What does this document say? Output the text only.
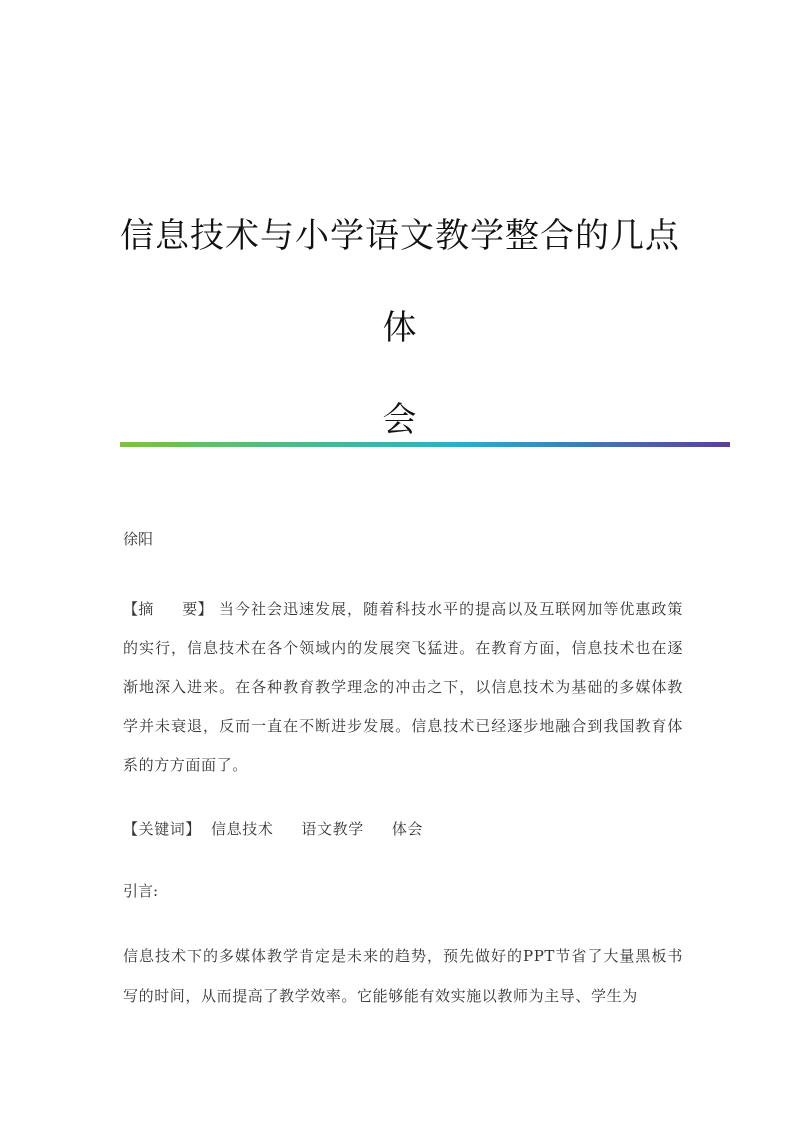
信息技术与小学语文教学整合的几点体
会
徐阳
【摘 要】 当今社会迅速发展，随着科技水平的提高以及互联网加等优惠政策的实行，信息技术在各个领域内的发展突飞猛进。在教育方面，信息技术也在逐渐地深入进来。在各种教育教学理念的冲击之下，以信息技术为基础的多媒体教学并未衰退，反而一直在不断进步发展。信息技术已经逐步地融合到我国教育体系的方方面面了。
【关键词】 信息技术 语文教学 体会
引言:
信息技术下的多媒体教学肯定是未来的趋势，预先做好的PPT节省了大量黑板书写的时间，从而提高了教学效率。它能够能有效实施以教师为主导、学生为
